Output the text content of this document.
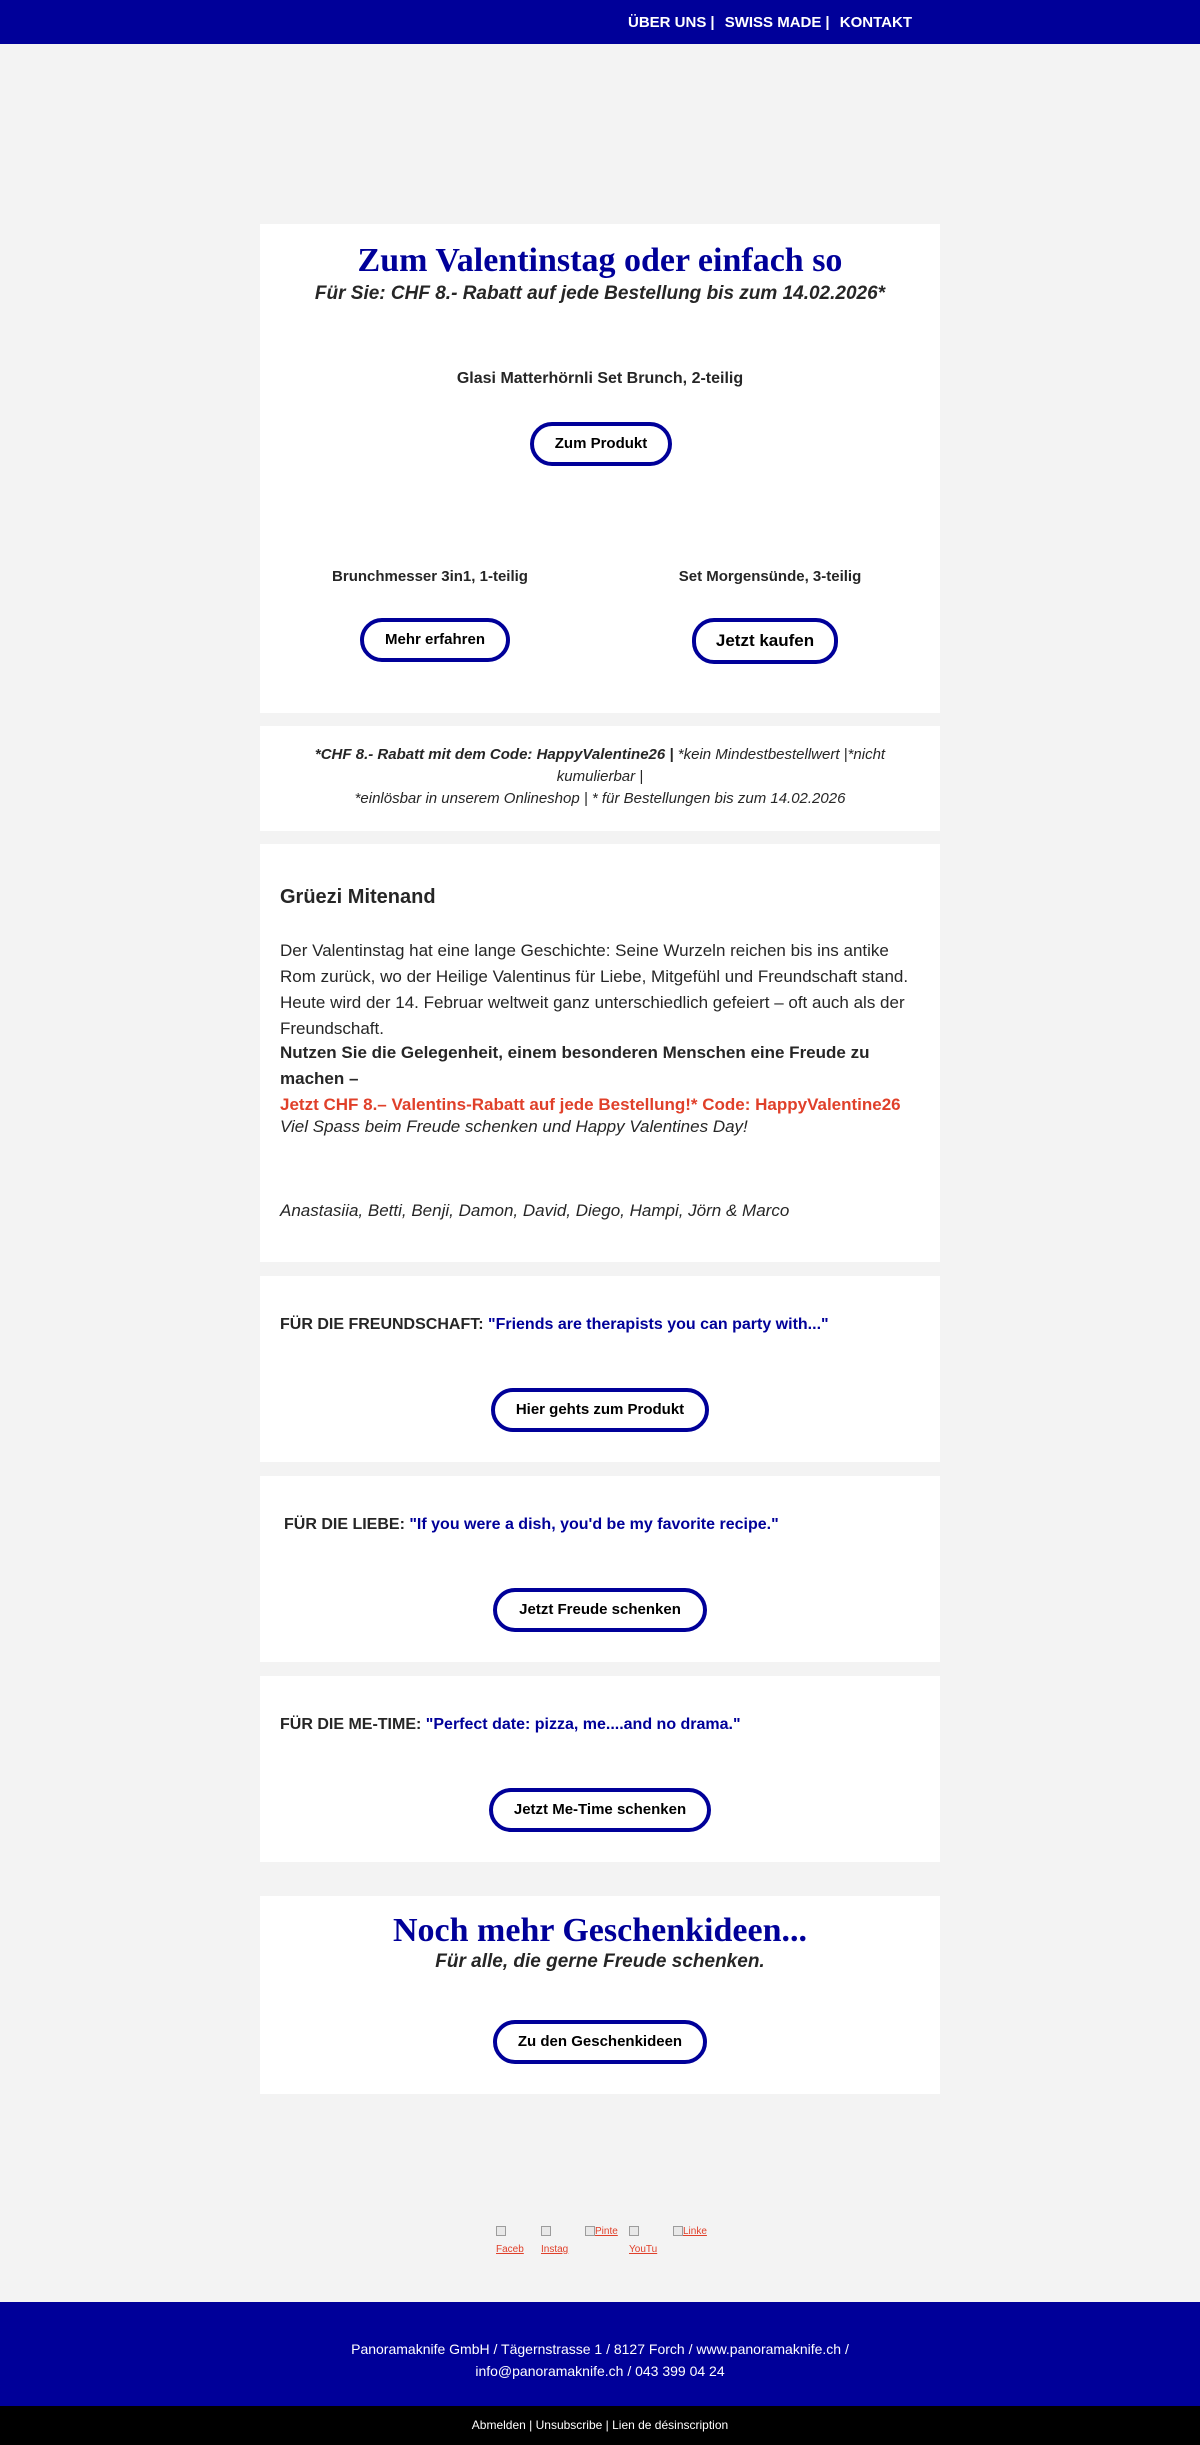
ÜBER UNS | SWISS MADE | KONTAKT
Zum Valentinstag oder einfach so
Für Sie: CHF 8.- Rabatt auf jede Bestellung bis zum 14.02.2026*
Glasi Matterhörnli Set Brunch, 2-teilig
Zum Produkt
Brunchmesser 3in1, 1-teilig
Mehr erfahren
Set Morgensünde, 3-teilig
Jetzt kaufen
*CHF 8.- Rabatt mit dem Code: HappyValentine26 | *kein Mindestbestellwert |*nicht
kumulierbar |
*einlösbar in unserem Onlineshop | * für Bestellungen bis zum 14.02.2026
Grüezi Mitenand
Der Valentinstag hat eine lange Geschichte: Seine Wurzeln reichen bis ins antike Rom zurück, wo der Heilige Valentinus für Liebe, Mitgefühl und Freundschaft stand. Heute wird der 14. Februar weltweit ganz unterschiedlich gefeiert – oft auch als der Freundschaft.
Nutzen Sie die Gelegenheit, einem besonderen Menschen eine Freude zu machen –
Jetzt CHF 8.– Valentins-Rabatt auf jede Bestellung!* Code: HappyValentine26
Viel Spass beim Freude schenken und Happy Valentines Day!
Anastasiia, Betti, Benji, Damon, David, Diego, Hampi, Jörn & Marco
FÜR DIE FREUNDSCHAFT: "Friends are therapists you can party with..."
Hier gehts zum Produkt
FÜR DIE LIEBE: "If you were a dish, you'd be my favorite recipe."
Jetzt Freude schenken
FÜR DIE ME-TIME: "Perfect date: pizza, me....and no drama."
Jetzt Me-Time schenken
Noch mehr Geschenkideen...
Für alle, die gerne Freude schenken.
Zu den Geschenkideen
$^{Faceb}$	$^{Instag}$
$^{Pinte}$
$^{YouTu}$
$^{Linke}$
Panoramaknife GmbH / Tägernstrasse 1 / 8127 Forch / www.panoramaknife.ch /
info@panoramaknife.ch / 043 399 04 24
Abmelden | Unsubscribe | Lien de désinscription
